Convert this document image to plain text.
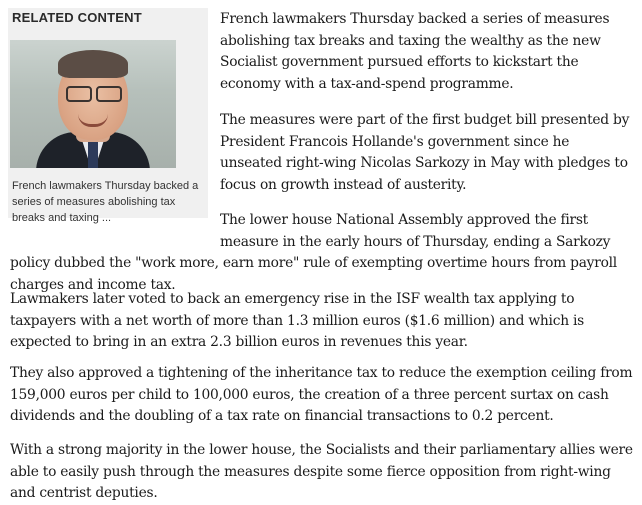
RELATED CONTENT
French lawmakers Thursday backed a series of measures abolishing tax breaks and taxing ...

French lawmakers Thursday backed a series of measures abolishing tax breaks and taxing the wealthy as the new Socialist government pursued efforts to kickstart the economy with a tax-and-spend programme.

The measures were part of the first budget bill presented by President Francois Hollande's government since he unseated right-wing Nicolas Sarkozy in May with pledges to focus on growth instead of austerity.

The lower house National Assembly approved the first measure in the early hours of Thursday, ending a Sarkozy policy dubbed the "work more, earn more" rule of exempting overtime hours from payroll charges and income tax.

Lawmakers later voted to back an emergency rise in the ISF wealth tax applying to taxpayers with a net worth of more than 1.3 million euros ($1.6 million) and which is expected to bring in an extra 2.3 billion euros in revenues this year.

They also approved a tightening of the inheritance tax to reduce the exemption ceiling from 159,000 euros per child to 100,000 euros, the creation of a three percent surtax on cash dividends and the doubling of a tax rate on financial transactions to 0.2 percent.

With a strong majority in the lower house, the Socialists and their parliamentary allies were able to easily push through the measures despite some fierce opposition from right-wing and centrist deputies.
